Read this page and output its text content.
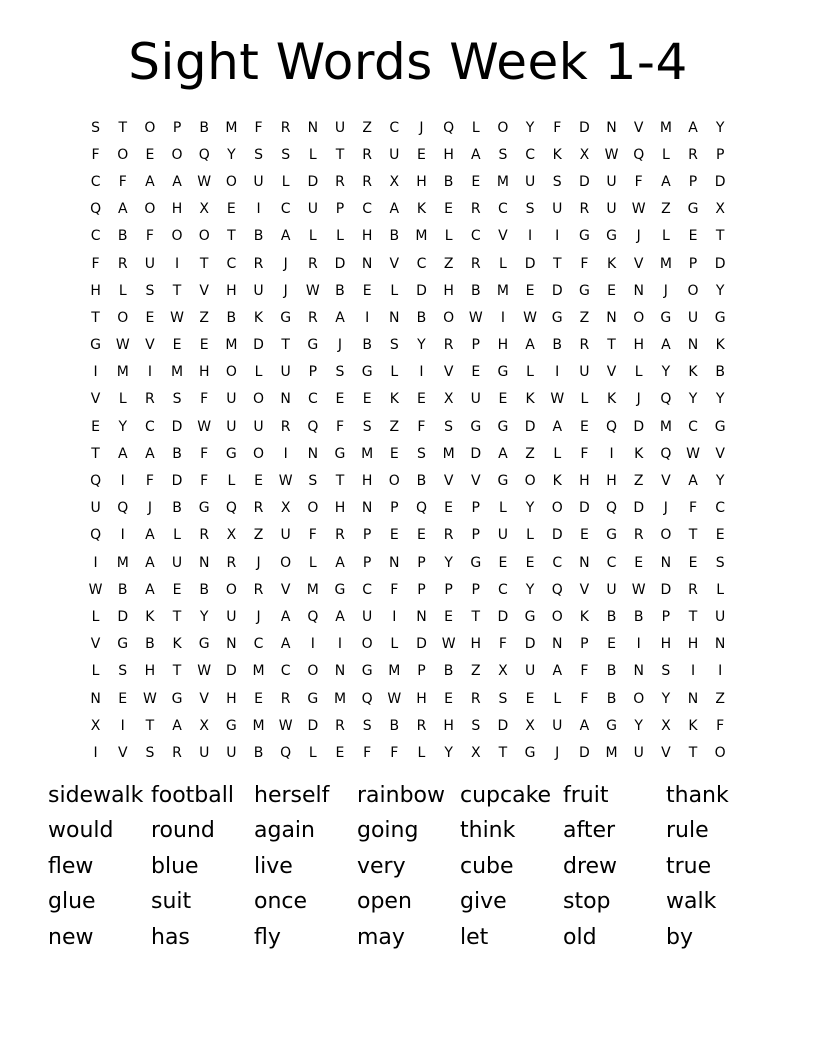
Sight Words Week 1-4
S	T	O	P	B	M	F	R	N	U	Z	C	J	Q	L	O	Y	F	D	N	V	M	A	Y
F	O	E	O	Q	Y	S	S	L	T	R	U	E	H	A	S	C	K	X	W	Q	L	R	P
C	F	A	A	W	O	U	L	D	R	R	X	H	B	E	M	U	S	D	U	F	A	P	D
Q	A	O	H	X	E	I	C	U	P	C	A	K	E	R	C	S	U	R	U	W	Z	G	X
C	B	F	O	O	T	B	A	L	L	H	B	M	L	C	V	I	I	G	G	J	L	E	T
F	R	U	I	T	C	R	J	R	D	N	V	C	Z	R	L	D	T	F	K	V	M	P	D
H	L	S	T	V	H	U	J	W	B	E	L	D	H	B	M	E	D	G	E	N	J	O	Y
T	O	E	W	Z	B	K	G	R	A	I	N	B	O	W	I	W	G	Z	N	O	G	U	G
G	W	V	E	E	M	D	T	G	J	B	S	Y	R	P	H	A	B	R	T	H	A	N	K
I	M	I	M	H	O	L	U	P	S	G	L	I	V	E	G	L	I	U	V	L	Y	K	B
V	L	R	S	F	U	O	N	C	E	E	K	E	X	U	E	K	W	L	K	J	Q	Y	Y
E	Y	C	D	W	U	U	R	Q	F	S	Z	F	S	G	G	D	A	E	Q	D	M	C	G
T	A	A	B	F	G	O	I	N	G	M	E	S	M	D	A	Z	L	F	I	K	Q	W	V
Q	I	F	D	F	L	E	W	S	T	H	O	B	V	V	G	O	K	H	H	Z	V	A	Y
U	Q	J	B	G	Q	R	X	O	H	N	P	Q	E	P	L	Y	O	D	Q	D	J	F	C
Q	I	A	L	R	X	Z	U	F	R	P	E	E	R	P	U	L	D	E	G	R	O	T	E
I	M	A	U	N	R	J	O	L	A	P	N	P	Y	G	E	E	C	N	C	E	N	E	S
W	B	A	E	B	O	R	V	M	G	C	F	P	P	P	C	Y	Q	V	U	W	D	R	L
L	D	K	T	Y	U	J	A	Q	A	U	I	N	E	T	D	G	O	K	B	B	P	T	U
V	G	B	K	G	N	C	A	I	I	O	L	D	W	H	F	D	N	P	E	I	H	H	N
L	S	H	T	W	D	M	C	O	N	G	M	P	B	Z	X	U	A	F	B	N	S	I	I
N	E	W	G	V	H	E	R	G	M	Q	W	H	E	R	S	E	L	F	B	O	Y	N	Z
X	I	T	A	X	G	M	W	D	R	S	B	R	H	S	D	X	U	A	G	Y	X	K	F
I	V	S	R	U	U	B	Q	L	E	F	F	L	Y	X	T	G	J	D	M	U	V	T	O
sidewalk football herself	rainbow cupcake fruit	thank
would	round	again	going	think	after	rule
flew	blue	live	very	cube	drew	true
glue	suit	once	open	give	stop	walk
new	has	fly	may	let	old	by
